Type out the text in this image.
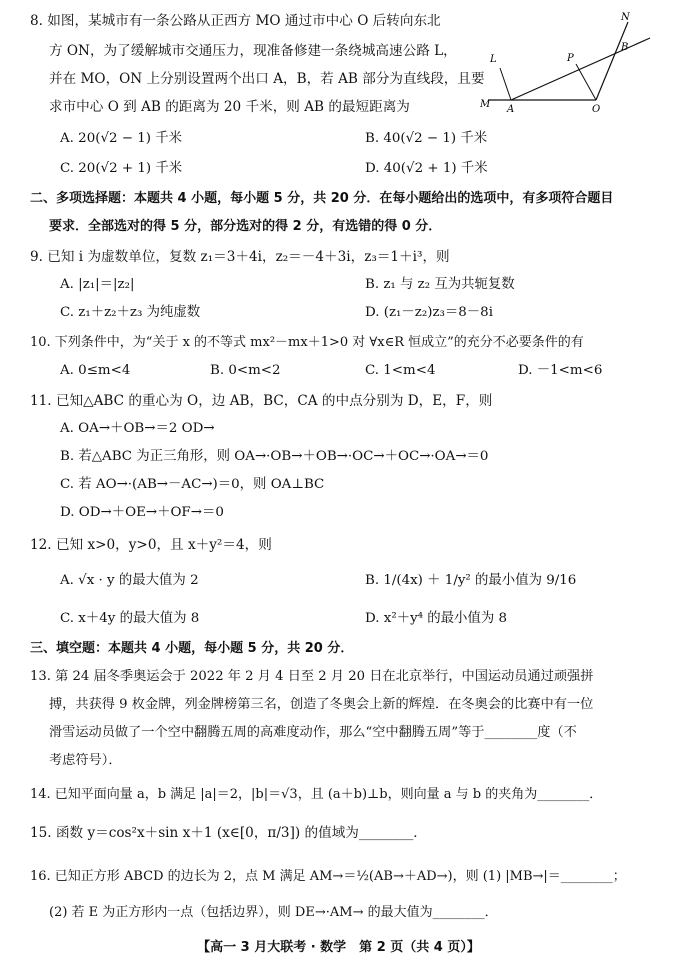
8. 如图，某城市有一条公路从正西方 MO 通过市中心 O 后转向东北
方 ON，为了缓解城市交通压力，现准备修建一条绕城高速公路 L，
并在 MO，ON 上分别设置两个出口 A，B，若 AB 部分为直线段，且要
求市中心 O 到 AB 的距离为 20 千米，则 AB 的最短距离为
N
L
B
P
M A	O
A. 20(√2 − 1) 千米	B. 40(√2 − 1) 千米
C. 20(√2 + 1) 千米	D. 40(√2 + 1) 千米
二、多项选择题：本题共 4 小题，每小题 5 分，共 20 分．在每小题给出的选项中，有多项符合题目
要求．全部选对的得 5 分，部分选对的得 2 分，有选错的得 0 分．
9. 已知 i 为虚数单位，复数 z₁＝3＋4i，z₂＝－4＋3i，z₃＝1＋i³，则
A. |z₁|＝|z₂|	B. z₁ 与 z₂ 互为共轭复数
C. z₁＋z₂＋z₃ 为纯虚数	D. (z₁－z₂)z₃＝8－8i
10. 下列条件中，为“关于 x 的不等式 mx²－mx＋1>0 对 ∀x∈R 恒成立”的充分不必要条件的有
A. 0≤m<4	B. 0<m<2	C. 1<m<4	D. －1<m<6
11. 已知△ABC 的重心为 O，边 AB，BC，CA 的中点分别为 D，E，F，则
A. OA→＋OB→＝2 OD→
B. 若△ABC 为正三角形，则 OA→·OB→＋OB→·OC→＋OC→·OA→＝0
C. 若 AO→·(AB→－AC→)＝0，则 OA⊥BC
D. OD→＋OE→＋OF→＝0
12. 已知 x>0，y>0，且 x＋y²＝4，则
A. √x · y 的最大值为 2	B. 1/(4x) ＋ 1/y² 的最小值为 9/16
C. x＋4y 的最大值为 8	D. x²＋y⁴ 的最小值为 8
三、填空题：本题共 4 小题，每小题 5 分，共 20 分．
13. 第 24 届冬季奥运会于 2022 年 2 月 4 日至 2 月 20 日在北京举行，中国运动员通过顽强拼
搏，共获得 9 枚金牌，列金牌榜第三名，创造了冬奥会上新的辉煌．在冬奥会的比赛中有一位
滑雪运动员做了一个空中翻腾五周的高难度动作，那么“空中翻腾五周”等于________度（不
考虑符号）．
14. 已知平面向量 a，b 满足 |a|＝2，|b|＝√3，且 (a＋b)⊥b，则向量 a 与 b 的夹角为________．
15. 函数 y＝cos²x＋sin x＋1 (x∈[0，π/3]) 的值域为________．
16. 已知正方形 ABCD 的边长为 2，点 M 满足 AM→＝½(AB→＋AD→)，则 (1) |MB→|＝________；
(2) 若 E 为正方形内一点（包括边界），则 DE→·AM→ 的最大值为________．
【高一 3 月大联考 · 数学　第 2 页（共 4 页）】
